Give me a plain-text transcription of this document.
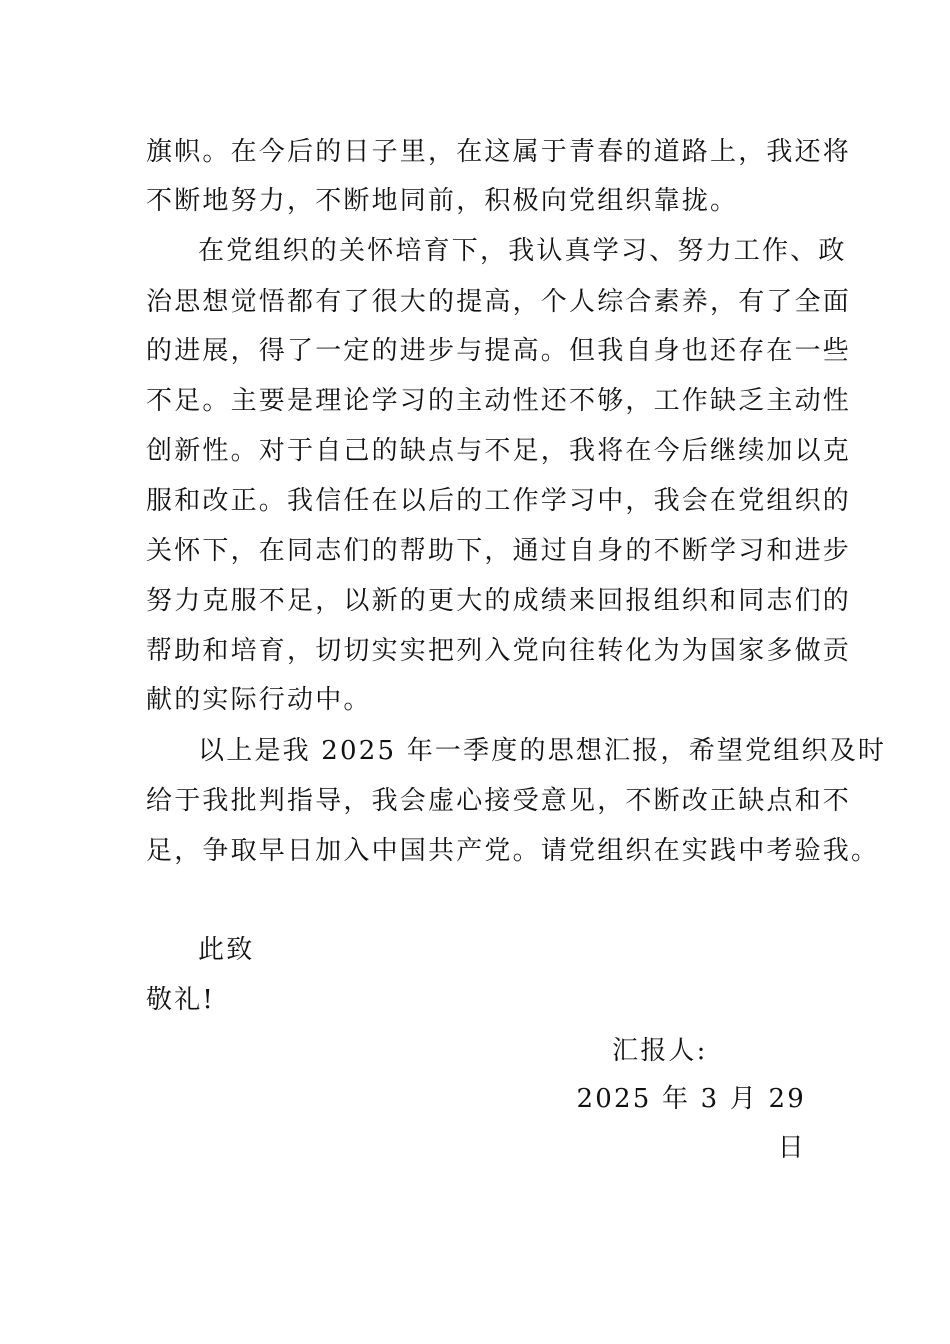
旗帜。在今后的日子里，在这属于青春的道路上，我还将
不断地努力，不断地同前，积极向党组织靠拢。
在党组织的关怀培育下，我认真学习、努力工作、政
治思想觉悟都有了很大的提高，个人综合素养，有了全面
的进展，得了一定的进步与提高。但我自身也还存在一些
不足。主要是理论学习的主动性还不够，工作缺乏主动性
创新性。对于自己的缺点与不足，我将在今后继续加以克
服和改正。我信任在以后的工作学习中，我会在党组织的
关怀下，在同志们的帮助下，通过自身的不断学习和进步
努力克服不足，以新的更大的成绩来回报组织和同志们的
帮助和培育，切切实实把列入党向往转化为为国家多做贡
献的实际行动中。
以上是我 2025 年一季度的思想汇报，希望党组织及时
给于我批判指导，我会虚心接受意见，不断改正缺点和不
足，争取早日加入中国共产党。请党组织在实践中考验我。
此致
敬礼!
汇报人:
2025 年 3 月 29
日
